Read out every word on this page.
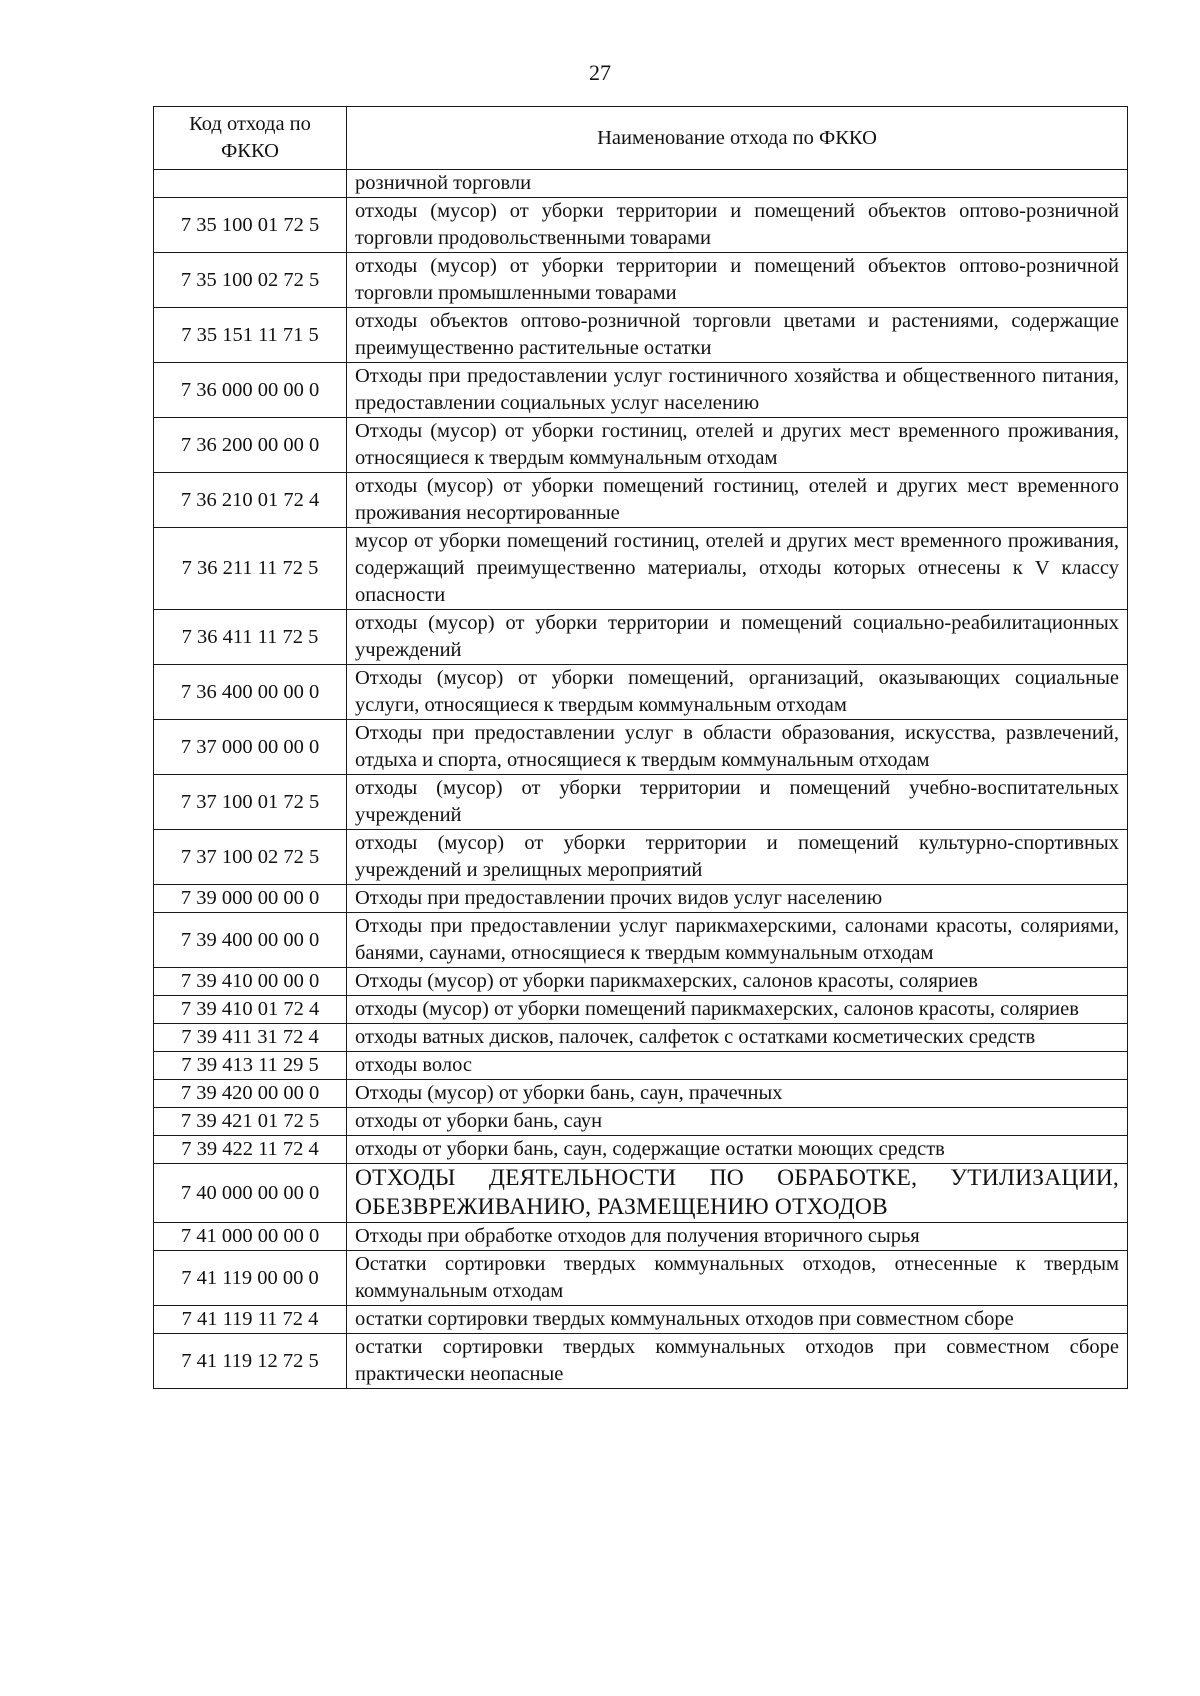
27
Код отхода по ФККО	Наименование отхода по ФККО
	розничной торговли
7 35 100 01 72 5	отходы (мусор) от уборки территории и помещений объектов оптово-розничной торговли продовольственными товарами
7 35 100 02 72 5	отходы (мусор) от уборки территории и помещений объектов оптово-розничной торговли промышленными товарами
7 35 151 11 71 5	отходы объектов оптово-розничной торговли цветами и растениями, содержащие преимущественно растительные остатки
7 36 000 00 00 0	Отходы при предоставлении услуг гостиничного хозяйства и общественного питания, предоставлении социальных услуг населению
7 36 200 00 00 0	Отходы (мусор) от уборки гостиниц, отелей и других мест временного проживания, относящиеся к твердым коммунальным отходам
7 36 210 01 72 4	отходы (мусор) от уборки помещений гостиниц, отелей и других мест временного проживания несортированные
7 36 211 11 72 5	мусор от уборки помещений гостиниц, отелей и других мест временного проживания, содержащий преимущественно материалы, отходы которых отнесены к V классу опасности
7 36 411 11 72 5	отходы (мусор) от уборки территории и помещений социально-реабилитационных учреждений
7 36 400 00 00 0	Отходы (мусор) от уборки помещений, организаций, оказывающих социальные услуги, относящиеся к твердым коммунальным отходам
7 37 000 00 00 0	Отходы при предоставлении услуг в области образования, искусства, развлечений, отдыха и спорта, относящиеся к твердым коммунальным отходам
7 37 100 01 72 5	отходы (мусор) от уборки территории и помещений учебно-воспитательных учреждений
7 37 100 02 72 5	отходы (мусор) от уборки территории и помещений культурно-спортивных учреждений и зрелищных мероприятий
7 39 000 00 00 0	Отходы при предоставлении прочих видов услуг населению
7 39 400 00 00 0	Отходы при предоставлении услуг парикмахерскими, салонами красоты, соляриями, банями, саунами, относящиеся к твердым коммунальным отходам
7 39 410 00 00 0	Отходы (мусор) от уборки парикмахерских, салонов красоты, соляриев
7 39 410 01 72 4	отходы (мусор) от уборки помещений парикмахерских, салонов красоты, соляриев
7 39 411 31 72 4	отходы ватных дисков, палочек, салфеток с остатками косметических средств
7 39 413 11 29 5	отходы волос
7 39 420 00 00 0	Отходы (мусор) от уборки бань, саун, прачечных
7 39 421 01 72 5	отходы от уборки бань, саун
7 39 422 11 72 4	отходы от уборки бань, саун, содержащие остатки моющих средств
7 40 000 00 00 0	ОТХОДЫ ДЕЯТЕЛЬНОСТИ ПО ОБРАБОТКЕ, УТИЛИЗАЦИИ, ОБЕЗВРЕЖИВАНИЮ, РАЗМЕЩЕНИЮ ОТХОДОВ
7 41 000 00 00 0	Отходы при обработке отходов для получения вторичного сырья
7 41 119 00 00 0	Остатки сортировки твердых коммунальных отходов, отнесенные к твердым коммунальным отходам
7 41 119 11 72 4	остатки сортировки твердых коммунальных отходов при совместном сборе
7 41 119 12 72 5	остатки сортировки твердых коммунальных отходов при совместном сборе практически неопасные
